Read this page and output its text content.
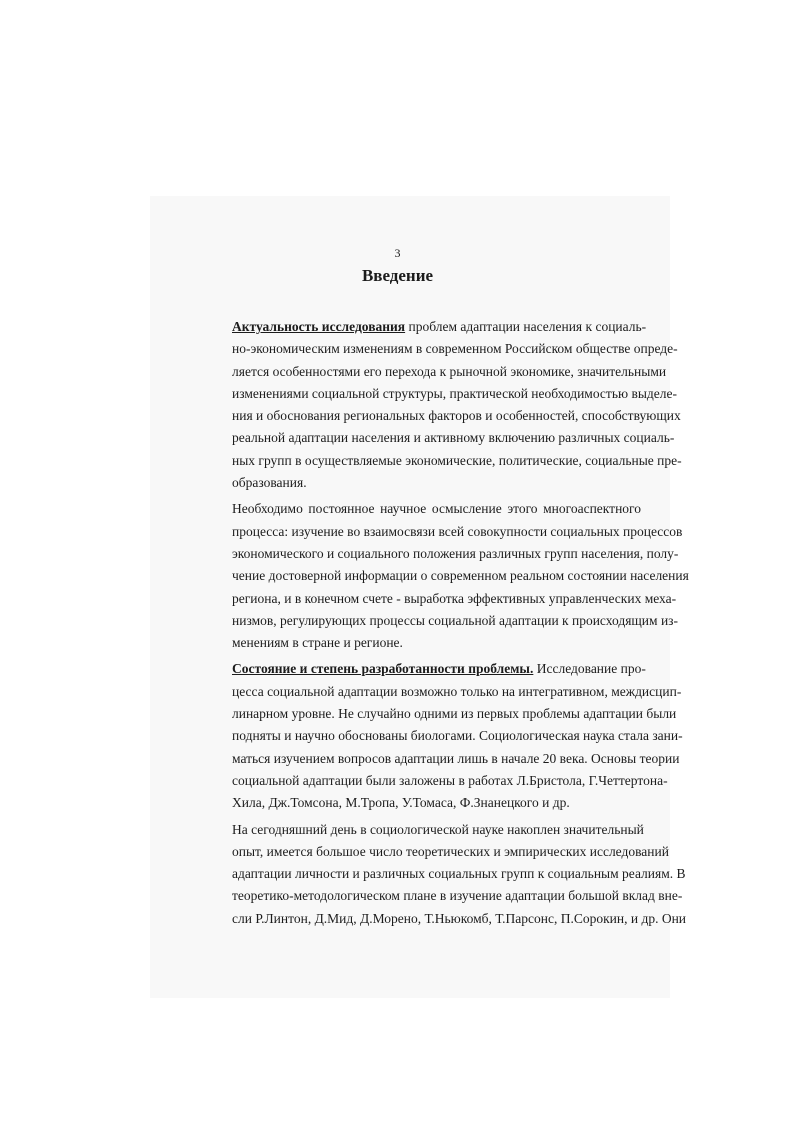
3
Введение

Актуальность исследования проблем адаптации населения к социаль-
но-экономическим изменениям в современном Российском обществе опреде-
ляется особенностями его перехода к рыночной экономике, значительными
изменениями социальной структуры, практической необходимостью выделе-
ния и обоснования региональных факторов и особенностей, способствующих
реальной адаптации населения и активному включению различных социаль-
ных групп в осуществляемые экономические, политические, социальные пре-
образования.

Необходимо постоянное научное осмысление этого многоаспектного
процесса: изучение во взаимосвязи всей совокупности социальных процессов
экономического и социального положения различных групп населения, полу-
чение достоверной информации о современном реальном состоянии населения
региона, и в конечном счете - выработка эффективных управленческих меха-
низмов, регулирующих процессы социальной адаптации к происходящим из-
менениям в стране и регионе.

Состояние и степень разработанности проблемы. Исследование про-
цесса социальной адаптации возможно только на интегративном, междисцип-
линарном уровне. Не случайно одними из первых проблемы адаптации были
подняты и научно обоснованы биологами. Социологическая наука стала зани-
маться изучением вопросов адаптации лишь в начале 20 века. Основы теории
социальной адаптации были заложены в работах Л.Бристола, Г.Четтертона-
Хила, Дж.Томсона, М.Тропа, У.Томаса, Ф.Знанецкого и др.

На сегодняшний день в социологической науке накоплен значительный
опыт, имеется большое число теоретических и эмпирических исследований
адаптации личности и различных социальных групп к социальным реалиям. В
теоретико-методологическом плане в изучение адаптации большой вклад вне-
сли Р.Линтон, Д.Мид, Д.Морено, Т.Ньюкомб, Т.Парсонс, П.Сорокин, и др. Они
